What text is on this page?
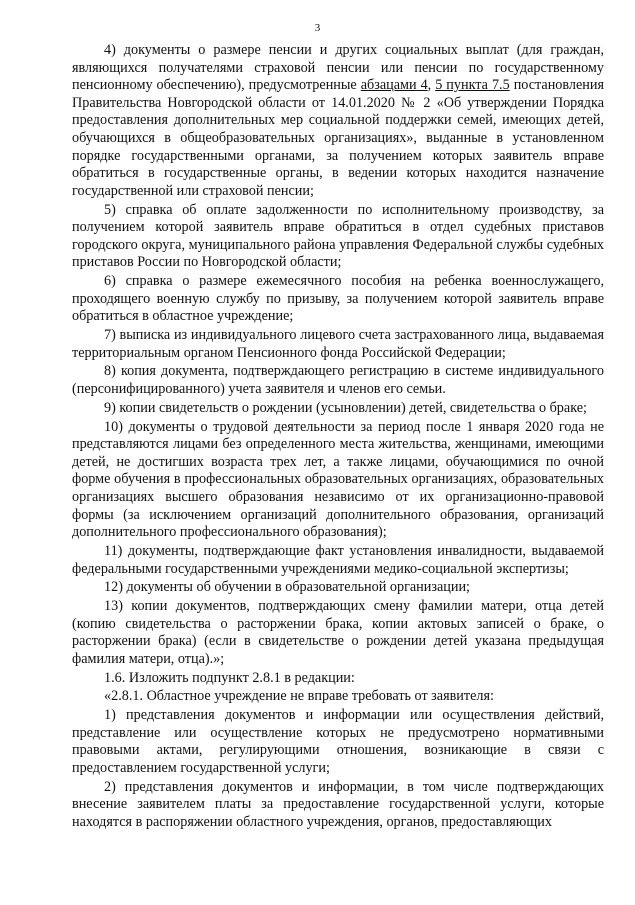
3

4) документы о размере пенсии и других социальных выплат (для граждан, являющихся получателями страховой пенсии или пенсии по государственному пенсионному обеспечению), предусмотренные абзацами 4, 5 пункта 7.5 постановления Правительства Новгородской области от 14.01.2020 № 2 «Об утверждении Порядка предоставления дополнительных мер социальной поддержки семей, имеющих детей, обучающихся в общеобразовательных организациях», выданные в установленном порядке государственными органами, за получением которых заявитель вправе обратиться в государственные органы, в ведении которых находится назначение государственной или страховой пенсии;

5) справка об оплате задолженности по исполнительному производству, за получением которой заявитель вправе обратиться в отдел судебных приставов городского округа, муниципального района управления Федеральной службы судебных приставов России по Новгородской области;

6) справка о размере ежемесячного пособия на ребенка военнослужащего, проходящего военную службу по призыву, за получением которой заявитель вправе обратиться в областное учреждение;

7) выписка из индивидуального лицевого счета застрахованного лица, выдаваемая территориальным органом Пенсионного фонда Российской Федерации;

8) копия документа, подтверждающего регистрацию в системе индивидуального (персонифицированного) учета заявителя и членов его семьи.

9) копии свидетельств о рождении (усыновлении) детей, свидетельства о браке;

10) документы о трудовой деятельности за период после 1 января 2020 года не представляются лицами без определенного места жительства, женщинами, имеющими детей, не достигших возраста трех лет, а также лицами, обучающимися по очной форме обучения в профессиональных образовательных организациях, образовательных организациях высшего образования независимо от их организационно-правовой формы (за исключением организаций дополнительного образования, организаций дополнительного профессионального образования);

11) документы, подтверждающие факт установления инвалидности, выдаваемой федеральными государственными учреждениями медико-социальной экспертизы;

12) документы об обучении в образовательной организации;

13) копии документов, подтверждающих смену фамилии матери, отца детей (копию свидетельства о расторжении брака, копии актовых записей о браке, о расторжении брака) (если в свидетельстве о рождении детей указана предыдущая фамилия матери, отца).»;

1.6. Изложить подпункт 2.8.1 в редакции:

«2.8.1. Областное учреждение не вправе требовать от заявителя:

1) представления документов и информации или осуществления действий, представление или осуществление которых не предусмотрено нормативными правовыми актами, регулирующими отношения, возникающие в связи с предоставлением государственной услуги;

2) представления документов и информации, в том числе подтверждающих внесение заявителем платы за предоставление государственной услуги, которые находятся в распоряжении областного учреждения, органов, предоставляющих
